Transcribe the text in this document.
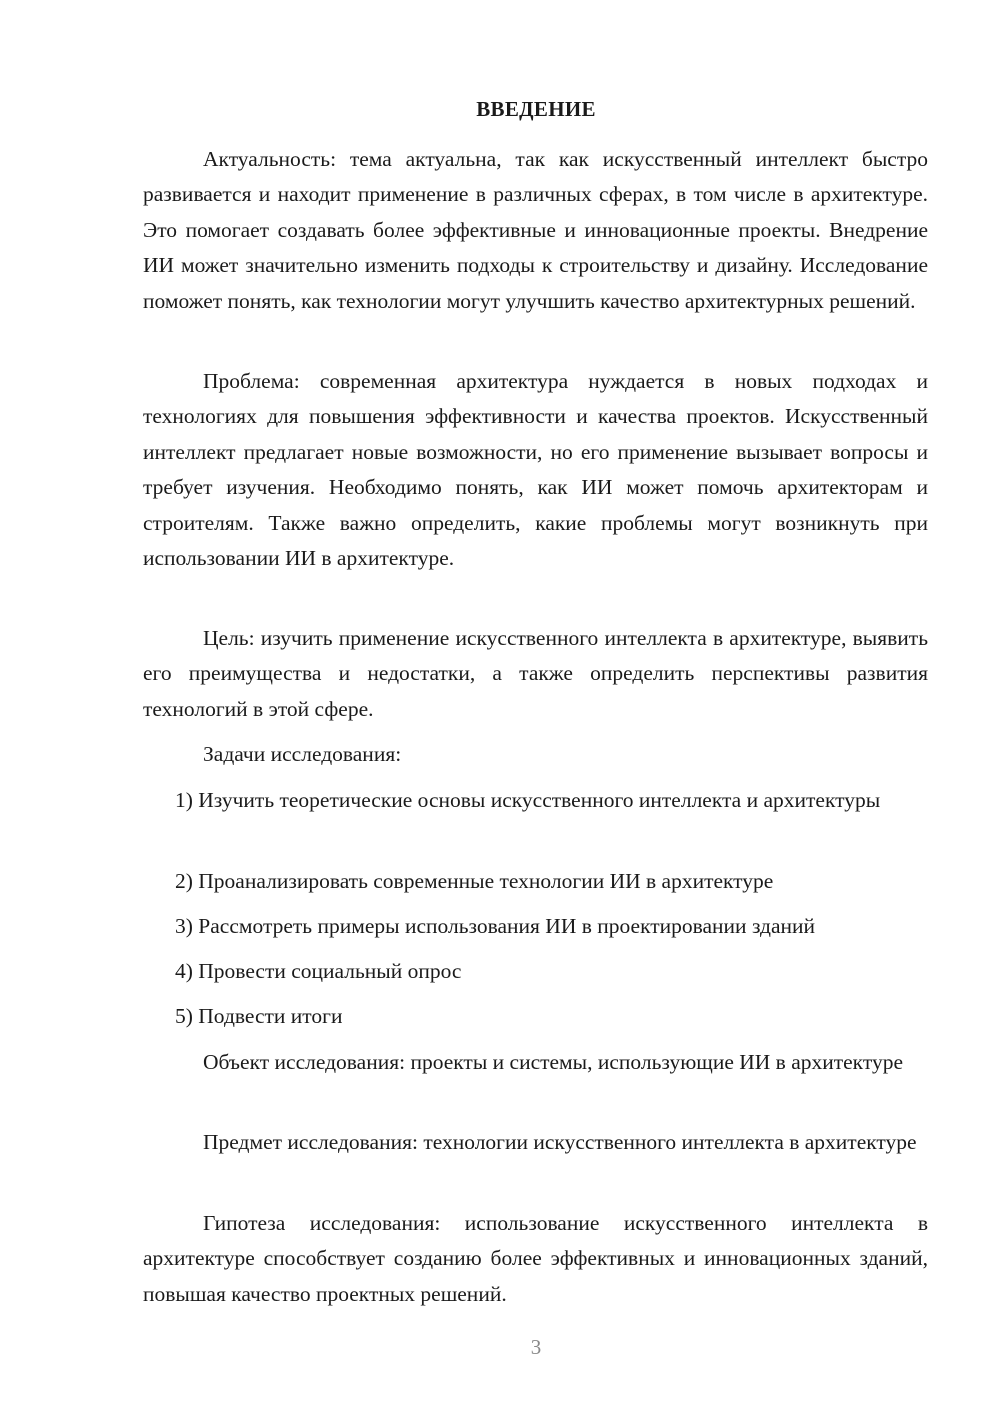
ВВЕДЕНИЕ

Актуальность: тема актуальна, так как искусственный интеллект быстро развивается и находит применение в различных сферах, в том числе в архитектуре. Это помогает создавать более эффективные и инновационные проекты. Внедрение ИИ может значительно изменить подходы к строительству и дизайну. Исследование поможет понять, как технологии могут улучшить качество архитектурных решений.

Проблема: современная архитектура нуждается в новых подходах и технологиях для повышения эффективности и качества проектов. Искусственный интеллект предлагает новые возможности, но его применение вызывает вопросы и требует изучения. Необходимо понять, как ИИ может помочь архитекторам и строителям. Также важно определить, какие проблемы могут возникнуть при использовании ИИ в архитектуре.

Цель: изучить применение искусственного интеллекта в архитектуре, выявить его преимущества и недостатки, а также определить перспективы развития технологий в этой сфере.

Задачи исследования:

1) Изучить теоретические основы искусственного интеллекта и архитектуры

2) Проанализировать современные технологии ИИ в архитектуре

3) Рассмотреть примеры использования ИИ в проектировании зданий

4) Провести социальный опрос

5) Подвести итоги

Объект исследования: проекты и системы, использующие ИИ в архитектуре

Предмет исследования: технологии искусственного интеллекта в архитектуре

Гипотеза исследования: использование искусственного интеллекта в архитектуре способствует созданию более эффективных и инновационных зданий, повышая качество проектных решений.

3
